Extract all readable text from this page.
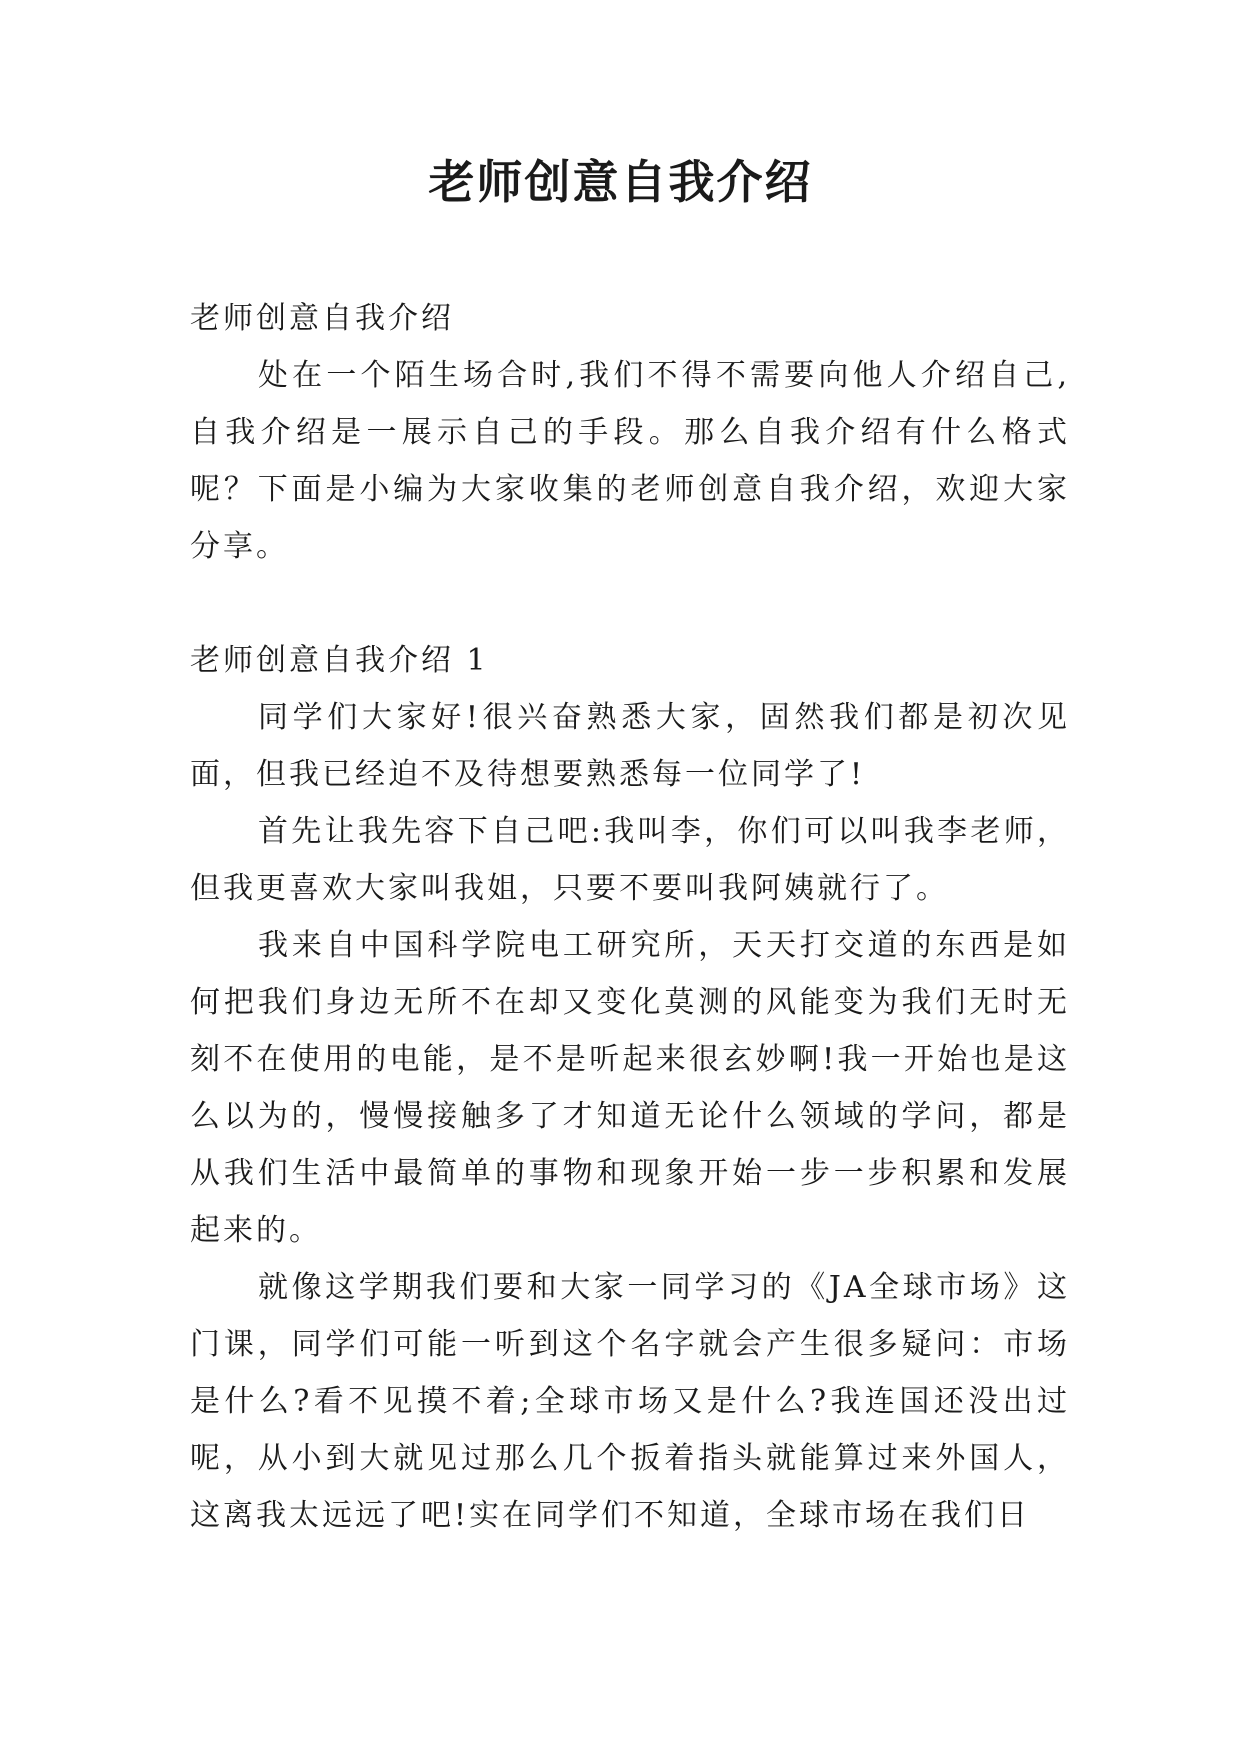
老师创意自我介绍

老师创意自我介绍

处在一个陌生场合时,我们不得不需要向他人介绍自己,自我介绍是一展示自己的手段。那么自我介绍有什么格式呢？下面是小编为大家收集的老师创意自我介绍，欢迎大家分享。

老师创意自我介绍 1

同学们大家好!很兴奋熟悉大家，固然我们都是初次见面，但我已经迫不及待想要熟悉每一位同学了!

首先让我先容下自己吧:我叫李，你们可以叫我李老师，但我更喜欢大家叫我姐，只要不要叫我阿姨就行了。

我来自中国科学院电工研究所，天天打交道的东西是如何把我们身边无所不在却又变化莫测的风能变为我们无时无刻不在使用的电能，是不是听起来很玄妙啊!我一开始也是这么以为的，慢慢接触多了才知道无论什么领域的学问，都是从我们生活中最简单的事物和现象开始一步一步积累和发展起来的。

就像这学期我们要和大家一同学习的《JA全球市场》这门课，同学们可能一听到这个名字就会产生很多疑问：市场是什么?看不见摸不着;全球市场又是什么?我连国还没出过呢，从小到大就见过那么几个扳着指头就能算过来外国人，这离我太远远了吧!实在同学们不知道，全球市场在我们日
